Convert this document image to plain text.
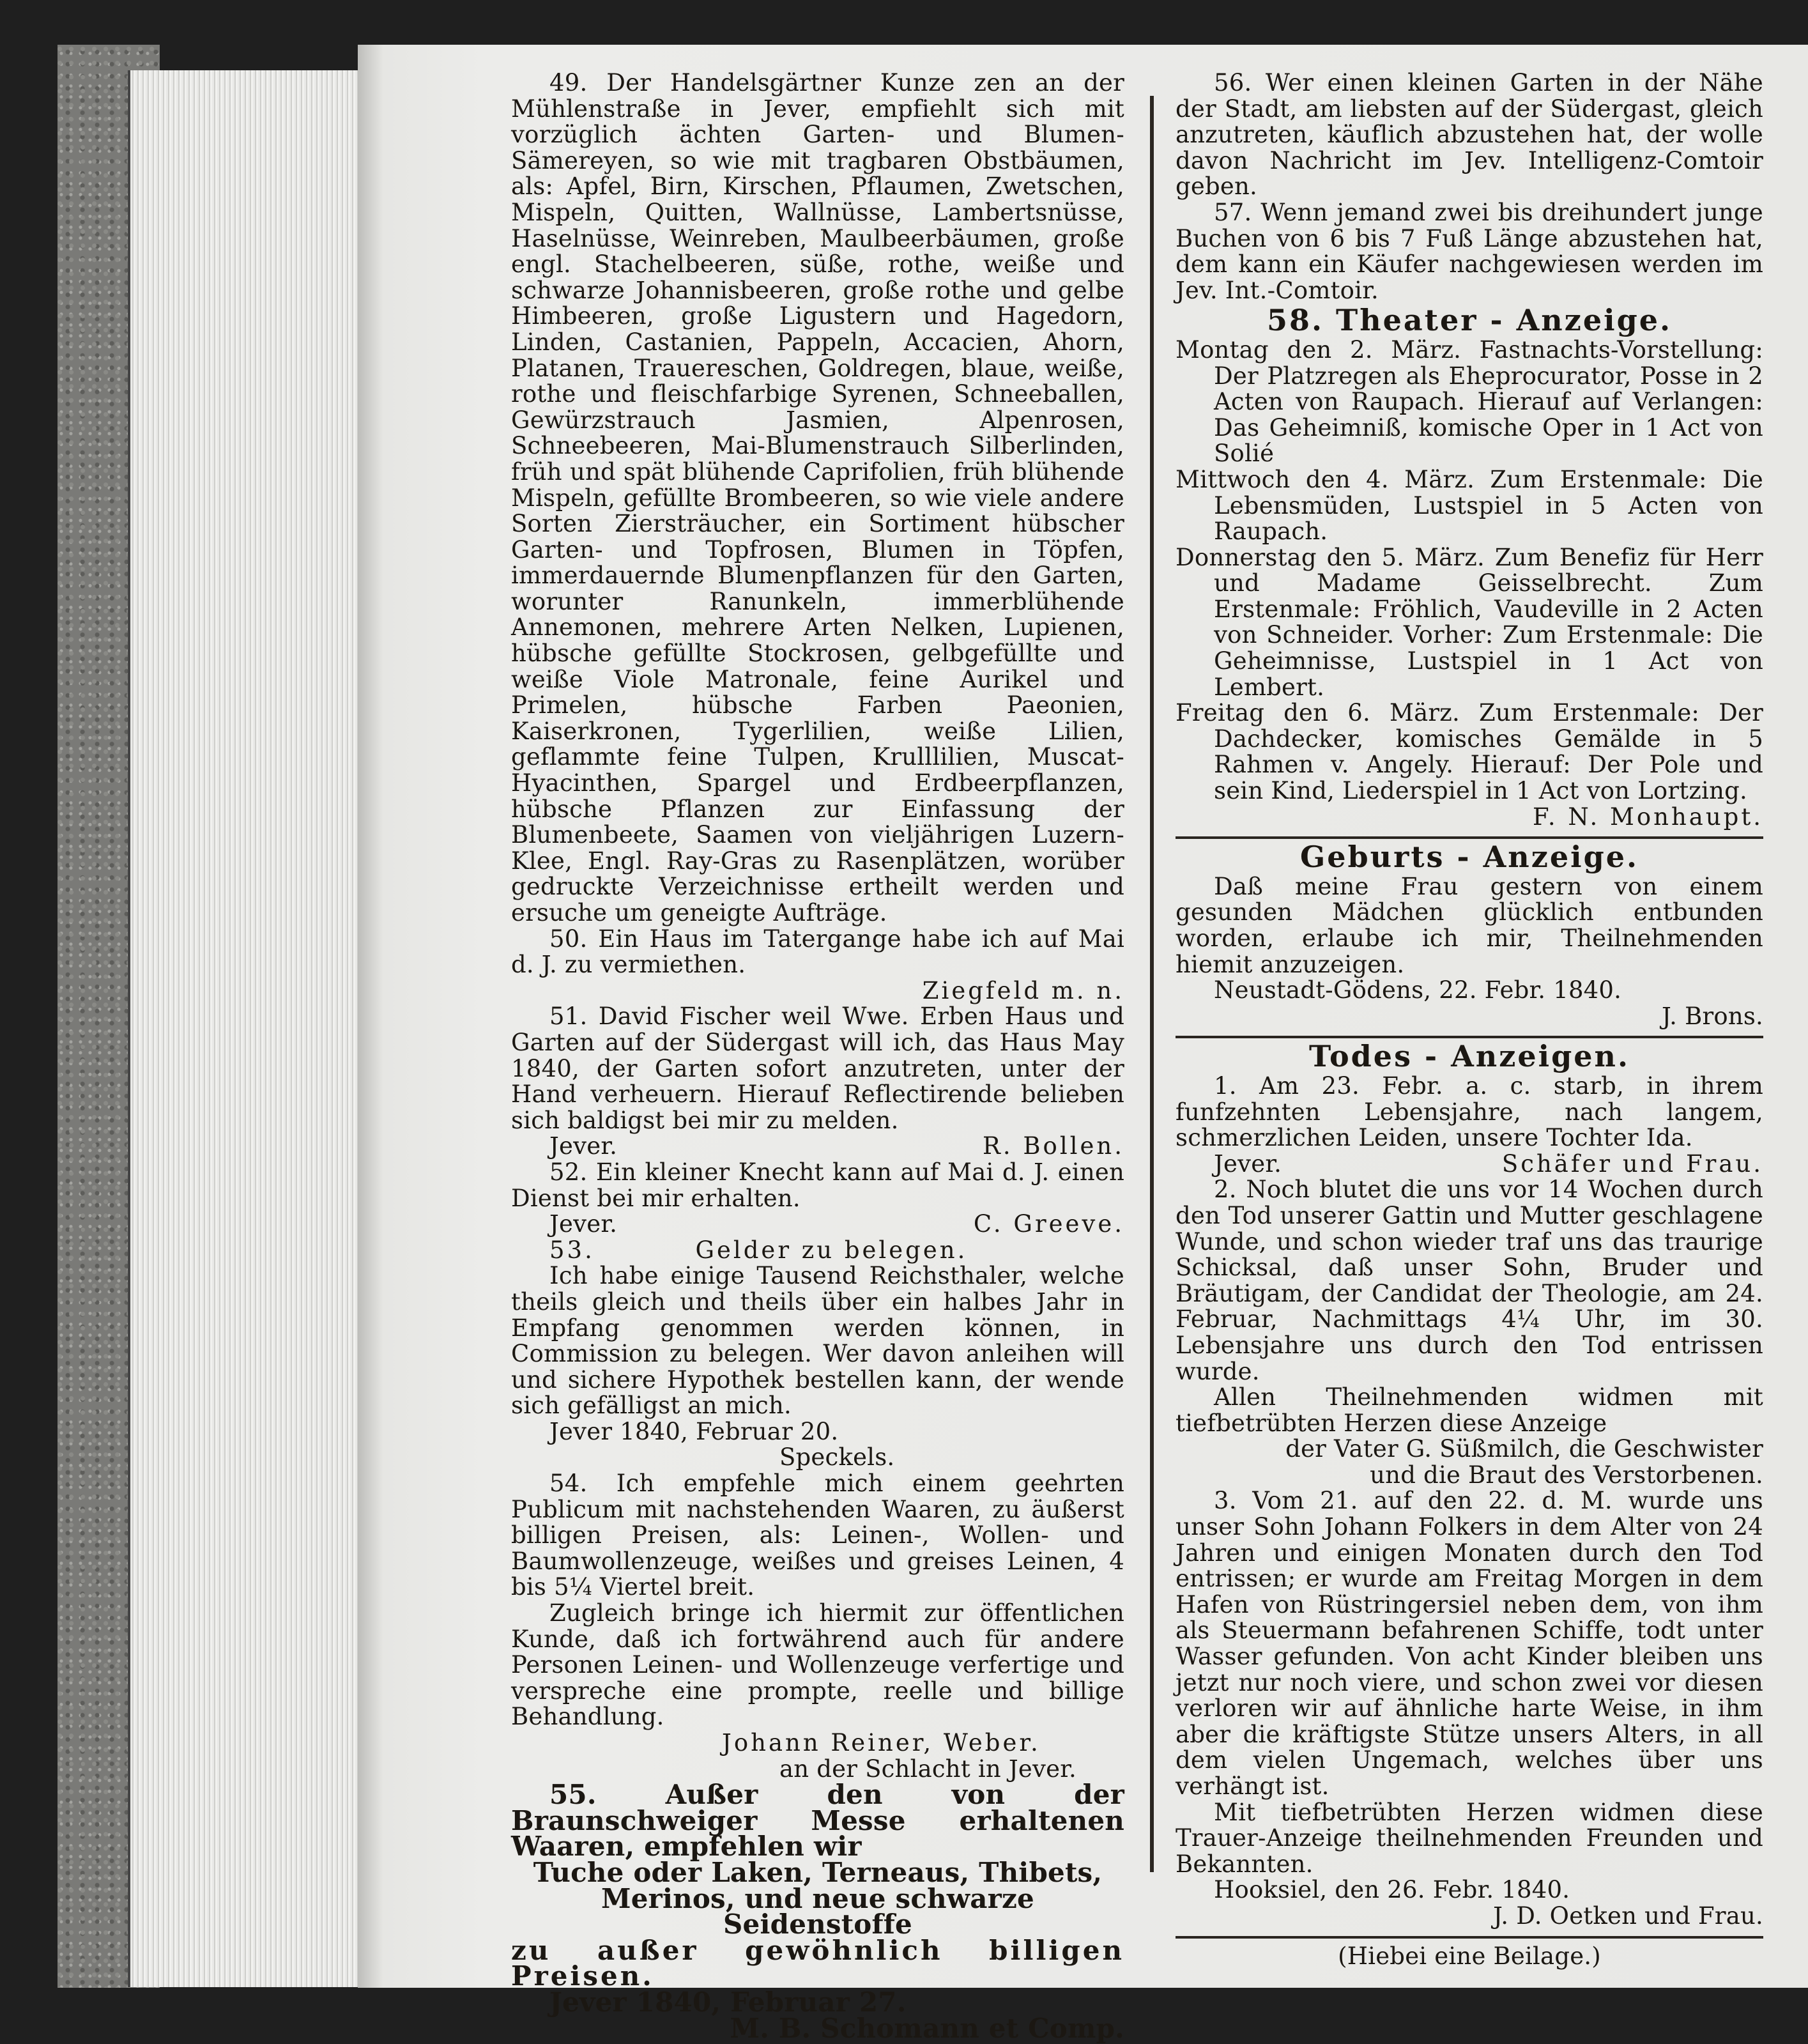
49. Der Handelsgärtner Kunze zen an der Mühlenstraße in Jever, empfiehlt sich mit vorzüglich ächten Garten- und Blumen-Sämereyen, so wie mit tragbaren Obstbäumen, als: Apfel, Birn, Kirschen, Pflaumen, Zwetschen, Mispeln, Quitten, Wallnüsse, Lambertsnüsse, Haselnüsse, Weinreben, Maulbeerbäumen, große engl. Stachelbeeren, süße, rothe, weiße und schwarze Johannisbeeren, große rothe und gelbe Himbeeren, große Ligustern und Hagedorn, Linden, Castanien, Pappeln, Accacien, Ahorn, Platanen, Trauereschen, Goldregen, blaue, weiße, rothe und fleischfarbige Syrenen, Schneeballen, Gewürzstrauch Jasmien, Alpenrosen, Schneebeeren, Mai-Blumenstrauch Silberlinden, früh und spät blühende Caprifolien, früh blühende Mispeln, gefüllte Brombeeren, so wie viele andere Sorten Ziersträucher, ein Sortiment hübscher Garten- und Topfrosen, Blumen in Töpfen, immerdauernde Blumenpflanzen für den Garten, worunter Ranunkeln, immerblühende Annemonen, mehrere Arten Nelken, Lupienen, hübsche gefüllte Stockrosen, gelbgefüllte und weiße Viole Matronale, feine Aurikel und Primelen, hübsche Farben Paeonien, Kaiserkronen, Tygerlilien, weiße Lilien, geflammte feine Tulpen, Krulllilien, Muscat-Hyacinthen, Spargel und Erdbeerpflanzen, hübsche Pflanzen zur Einfassung der Blumenbeete, Saamen von vieljährigen Luzern-Klee, Engl. Ray-Gras zu Rasenplätzen, worüber gedruckte Verzeichnisse ertheilt werden und ersuche um geneigte Aufträge.

50. Ein Haus im Tatergange habe ich auf Mai d. J. zu vermiethen.

Ziegfeld m. n.

51. David Fischer weil Wwe. Erben Haus und Garten auf der Südergast will ich, das Haus May 1840, der Garten sofort anzutreten, unter der Hand verheuern. Hierauf Reflectirende belieben sich baldigst bei mir zu melden.

Jever.	R. Bollen.

52. Ein kleiner Knecht kann auf Mai d. J. einen Dienst bei mir erhalten.

Jever.	C. Greeve.

53.          Gelder zu belegen.

Ich habe einige Tausend Reichsthaler, welche theils gleich und theils über ein halbes Jahr in Empfang genommen werden können, in Commission zu belegen. Wer davon anleihen will und sichere Hypothek bestellen kann, der wende sich gefälligst an mich.

Jever 1840, Februar 20.

Speckels.

54. Ich empfehle mich einem geehrten Publicum mit nachstehenden Waaren, zu äußerst billigen Preisen, als: Leinen-, Wollen- und Baumwollenzeuge, weißes und greises Leinen, 4 bis 5¼ Viertel breit.

Zugleich bringe ich hiermit zur öffentlichen Kunde, daß ich fortwährend auch für andere Personen Leinen- und Wollenzeuge verfertige und verspreche eine prompte, reelle und billige Behandlung.

Johann Reiner, Weber.

an der Schlacht in Jever.

55. Außer den von der Braunschweiger Messe erhaltenen Waaren, empfehlen wir

Tuche oder Laken, Terneaus, Thibets, Merinos, und neue schwarze Seidenstoffe

zu außer gewöhnlich billigen Preisen.

Jever 1840, Februar 27.

M. B. Schomann et Comp.

56. Wer einen kleinen Garten in der Nähe der Stadt, am liebsten auf der Südergast, gleich anzutreten, käuflich abzustehen hat, der wolle davon Nachricht im Jev. Intelligenz-Comtoir geben.

57. Wenn jemand zwei bis dreihundert junge Buchen von 6 bis 7 Fuß Länge abzustehen hat, dem kann ein Käufer nachgewiesen werden im Jev. Int.-Comtoir.

58. Theater - Anzeige.

Montag den 2. März. Fastnachts-Vorstellung: Der Platzregen als Eheprocurator, Posse in 2 Acten von Raupach. Hierauf auf Verlangen: Das Geheimniß, komische Oper in 1 Act von Solié

Mittwoch den 4. März. Zum Erstenmale: Die Lebensmüden, Lustspiel in 5 Acten von Raupach.

Donnerstag den 5. März. Zum Benefiz für Herr und Madame Geisselbrecht. Zum Erstenmale: Fröhlich, Vaudeville in 2 Acten von Schneider. Vorher: Zum Erstenmale: Die Geheimnisse, Lustspiel in 1 Act von Lembert.

Freitag den 6. März. Zum Erstenmale: Der Dachdecker, komisches Gemälde in 5 Rahmen v. Angely. Hierauf: Der Pole und sein Kind, Liederspiel in 1 Act von Lortzing.

F. N. Monhaupt.

Geburts - Anzeige.

Daß meine Frau gestern von einem gesunden Mädchen glücklich entbunden worden, erlaube ich mir, Theilnehmenden hiemit anzuzeigen.

Neustadt-Gödens, 22. Febr. 1840.

J. Brons.

Todes - Anzeigen.

1. Am 23. Febr. a. c. starb, in ihrem funfzehnten Lebensjahre, nach langem, schmerzlichen Leiden, unsere Tochter Ida.

Jever.	Schäfer und Frau.

2. Noch blutet die uns vor 14 Wochen durch den Tod unserer Gattin und Mutter geschlagene Wunde, und schon wieder traf uns das traurige Schicksal, daß unser Sohn, Bruder und Bräutigam, der Candidat der Theologie, am 24. Februar, Nachmittags 4¼ Uhr, im 30. Lebensjahre uns durch den Tod entrissen wurde.

Allen Theilnehmenden widmen mit tiefbetrübten Herzen diese Anzeige

der Vater G. Süßmilch, die Geschwister

und die Braut des Verstorbenen.

3. Vom 21. auf den 22. d. M. wurde uns unser Sohn Johann Folkers in dem Alter von 24 Jahren und einigen Monaten durch den Tod entrissen; er wurde am Freitag Morgen in dem Hafen von Rüstringersiel neben dem, von ihm als Steuermann befahrenen Schiffe, todt unter Wasser gefunden. Von acht Kinder bleiben uns jetzt nur noch viere, und schon zwei vor diesen verloren wir auf ähnliche harte Weise, in ihm aber die kräftigste Stütze unsers Alters, in all dem vielen Ungemach, welches über uns verhängt ist.

Mit tiefbetrübten Herzen widmen diese Trauer-Anzeige theilnehmenden Freunden und Bekannten.

Hooksiel, den 26. Febr. 1840.

J. D. Oetken und Frau.

(Hiebei eine Beilage.)
